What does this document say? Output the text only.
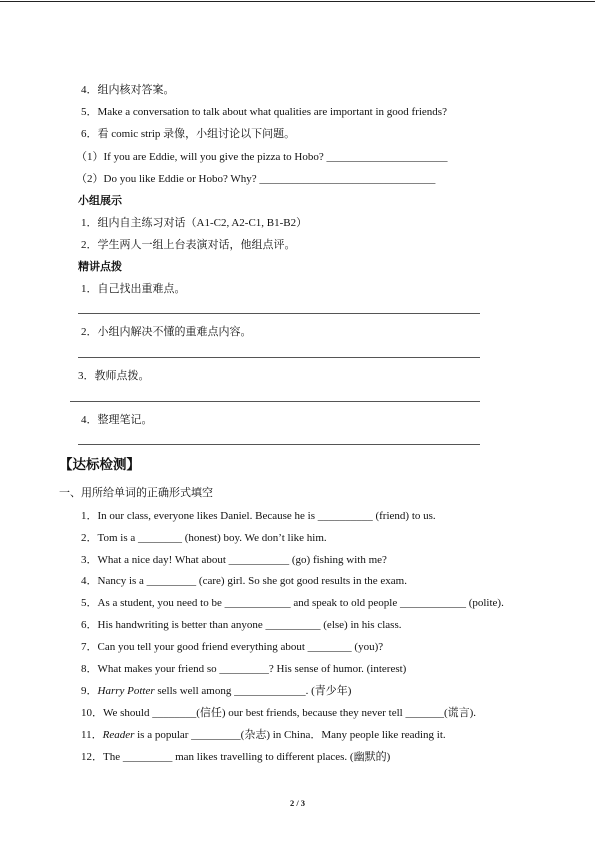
4．组内核对答案。
5．Make a conversation to talk about what qualities are important in good friends?
6．看 comic strip 录像，小组讨论以下问题。
（1）If you are Eddie, will you give the pizza to Hobo? ______________________
（2）Do you like Eddie or Hobo? Why? ________________________________
小组展示
1．组内自主练习对话（A1-C2, A2-C1, B1-B2）
2．学生两人一组上台表演对话，他组点评。
精讲点拨
1．自己找出重难点。
2．小组内解决不懂的重难点内容。
3．教师点拨。
4．整理笔记。
【达标检测】
一、用所给单词的正确形式填空
1．In our class, everyone likes Daniel. Because he is __________ (friend) to us.
2．Tom is a ________ (honest) boy. We don’t like him.
3．What a nice day! What about ___________ (go) fishing with me?
4．Nancy is a _________ (care) girl. So she got good results in the exam.
5．As a student, you need to be ____________ and speak to old people ____________ (polite).
6．His handwriting is better than anyone __________ (else) in his class.
7．Can you tell your good friend everything about ________ (you)?
8．What makes your friend so _________? His sense of humor. (interest)
9．Harry Potter sells well among _____________. (青少年)
10．We should ________(信任) our best friends, because they never tell _______(谎言).
11．Reader is a popular _________(杂志) in China．Many people like reading it.
12．The _________ man likes travelling to different places. (幽默的)
2 / 3
